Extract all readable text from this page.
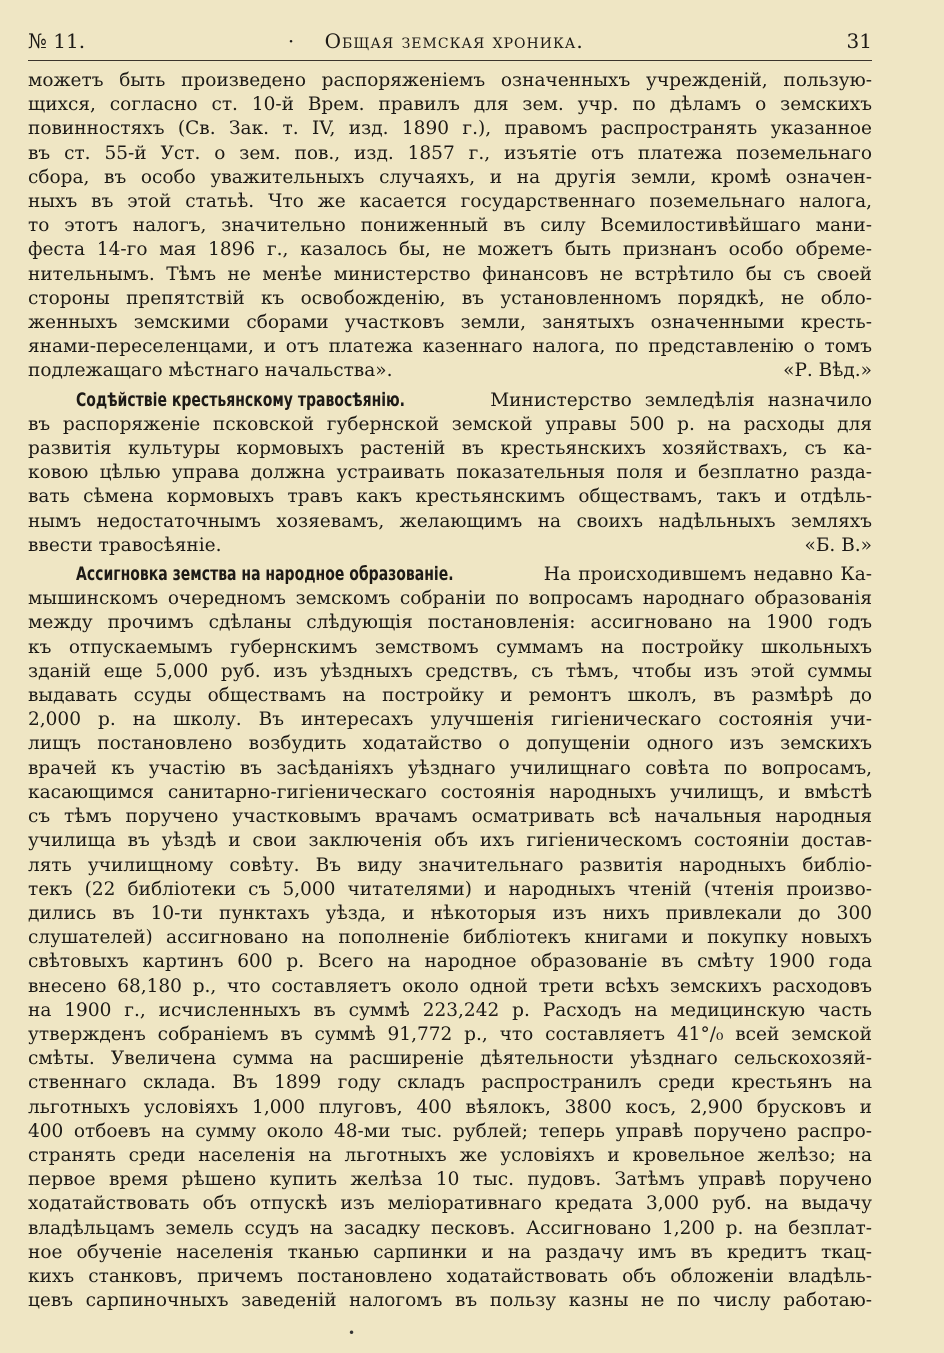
№ 11.	· Общая земская хроника.	31
можетъ быть произведено распоряженіемъ означенныхъ учрежденій, пользую-
щихся, согласно ст. 10-й Врем. правилъ для зем. учр. по дѣламъ о земскихъ
повинностяхъ (Св. Зак. т. IV, изд. 1890 г.), правомъ распространять указанное
въ ст. 55-й Уст. о зем. пов., изд. 1857 г., изъятіе отъ платежа поземельнаго
сбора, въ особо уважительныхъ случаяхъ, и на другія земли, кромѣ означен-
ныхъ въ этой статьѣ. Что же касается государственнаго поземельнаго налога,
то этотъ налогъ, значительно пониженный въ силу Всемилостивѣйшаго мани-
феста 14-го мая 1896 г., казалось бы, не можетъ быть признанъ особо обреме-
нительнымъ. Тѣмъ не менѣе министерство финансовъ не встрѣтило бы съ своей
стороны препятствій къ освобожденію, въ установленномъ порядкѣ, не обло-
женныхъ земскими сборами участковъ земли, занятыхъ означенными кресть-
янами-переселенцами, и отъ платежа казеннаго налога, по представленію о томъ
подлежащаго мѣстнаго начальства».	«Р. Вѣд.»
Содѣйствіе крестьянскому травосѣянію.	Министерство земледѣлія назначило
въ распоряженіе псковской губернской земской управы 500 р. на расходы для
развитія культуры кормовыхъ растеній въ крестьянскихъ хозяйствахъ, съ ка-
ковою цѣлью управа должна устраивать показательныя поля и безплатно разда-
вать сѣмена кормовыхъ травъ какъ крестьянскимъ обществамъ, такъ и отдѣль-
нымъ недостаточнымъ хозяевамъ, желающимъ на своихъ надѣльныхъ земляхъ
ввести травосѣяніе.	«Б. В.»
Ассигновка земства на народное образованіе.	На происходившемъ недавно Ка-
мышинскомъ очередномъ земскомъ собраніи по вопросамъ народнаго образованія
между прочимъ сдѣланы слѣдующія постановленія: ассигновано на 1900 годъ
къ отпускаемымъ губернскимъ земствомъ суммамъ на постройку школьныхъ
зданій еще 5,000 руб. изъ уѣздныхъ средствъ, съ тѣмъ, чтобы изъ этой суммы
выдавать ссуды обществамъ на постройку и ремонтъ школъ, въ размѣрѣ до
2,000 р. на школу. Въ интересахъ улучшенія гигіеническаго состоянія учи-
лищъ постановлено возбудить ходатайство о допущеніи одного изъ земскихъ
врачей къ участію въ засѣданіяхъ уѣзднаго училищнаго совѣта по вопросамъ,
касающимся санитарно-гигіеническаго состоянія народныхъ училищъ, и вмѣстѣ
съ тѣмъ поручено участковымъ врачамъ осматривать всѣ начальныя народныя
училища въ уѣздѣ и свои заключенія объ ихъ гигіеническомъ состояніи достав-
лять училищному совѣту. Въ виду значительнаго развитія народныхъ библіо-
текъ (22 библіотеки съ 5,000 читателями) и народныхъ чтеній (чтенія произво-
дились въ 10-ти пунктахъ уѣзда, и нѣкоторыя изъ нихъ привлекали до 300
слушателей) ассигновано на пополненіе библіотекъ книгами и покупку новыхъ
свѣтовыхъ картинъ 600 р. Всего на народное образованіе въ смѣту 1900 года
внесено 68,180 р., что составляетъ около одной трети всѣхъ земскихъ расходовъ
на 1900 г., исчисленныхъ въ суммѣ 223,242 р. Расходъ на медицинскую часть
утвержденъ собраніемъ въ суммѣ 91,772 р., что составляетъ 41°/₀ всей земской
смѣты. Увеличена сумма на расширеніе дѣятельности уѣзднаго сельскохозяй-
ственнаго склада. Въ 1899 году складъ распространилъ среди крестьянъ на
льготныхъ условіяхъ 1,000 плуговъ, 400 вѣялокъ, 3800 косъ, 2,900 брусковъ и
400 отбоевъ на сумму около 48-ми тыс. рублей; теперь управѣ поручено распро-
странять среди населенія на льготныхъ же условіяхъ и кровельное желѣзо; на
первое время рѣшено купить желѣза 10 тыс. пудовъ. Затѣмъ управѣ поручено
ходатайствовать объ отпускѣ изъ меліоративнаго кредата 3,000 руб. на выдачу
владѣльцамъ земель ссудъ на засадку песковъ. Ассигновано 1,200 р. на безплат-
ное обученіе населенія тканью сарпинки и на раздачу имъ въ кредитъ ткац-
кихъ станковъ, причемъ постановлено ходатайствовать объ обложеніи владѣль-
цевъ сарпиночныхъ заведеній налогомъ въ пользу казны не по числу работаю-
•
